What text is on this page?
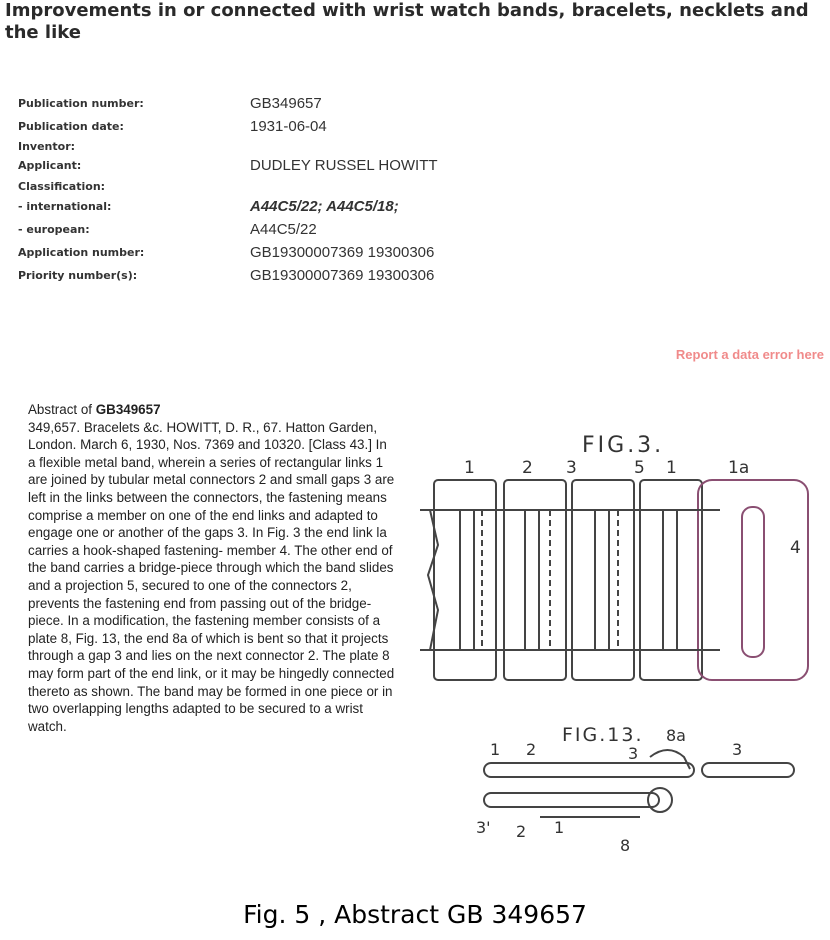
Improvements in or connected with wrist watch bands, bracelets, necklets and the like
Publication number:	GB349657
Publication date:	1931-06-04
Inventor:	
Applicant:	DUDLEY RUSSEL HOWITT
Classification:	
- international:	A44C5/22; A44C5/18;
- european:	A44C5/22
Application number:	GB19300007369 19300306
Priority number(s):	GB19300007369 19300306
Report a data error here

Abstract of GB349657

349,657. Bracelets &c. HOWITT, D. R., 67. Hatton Garden, London. March 6, 1930, Nos. 7369 and 10320. [Class 43.] In a flexible metal band, wherein a series of rectangular links 1 are joined by tubular metal connectors 2 and small gaps 3 are left in the links between the connectors, the fastening means comprise a member on one of the end links and adapted to engage one or another of the gaps 3. In Fig. 3 the end link la carries a hook-shaped fastening- member 4. The other end of the band carries a bridge-piece through which the band slides and a projection 5, secured to one of the connectors 2, prevents the fastening end from passing out of the bridge-piece. In a modification, the fastening member consists of a plate 8, Fig. 13, the end 8a of which is bent so that it projects through a gap 3 and lies on the next connector 2. The plate 8 may form part of the end link, or it may be hingedly connected thereto as shown. The band may be formed in one piece or in two overlapping lengths adapted to be secured to a wrist watch.

FIG.3.
1	2 3	5 1	1a
4
FIG.13.
1 2	3
8a
3
3' 2 1
8
Fig. 5 , Abstract GB 349657
